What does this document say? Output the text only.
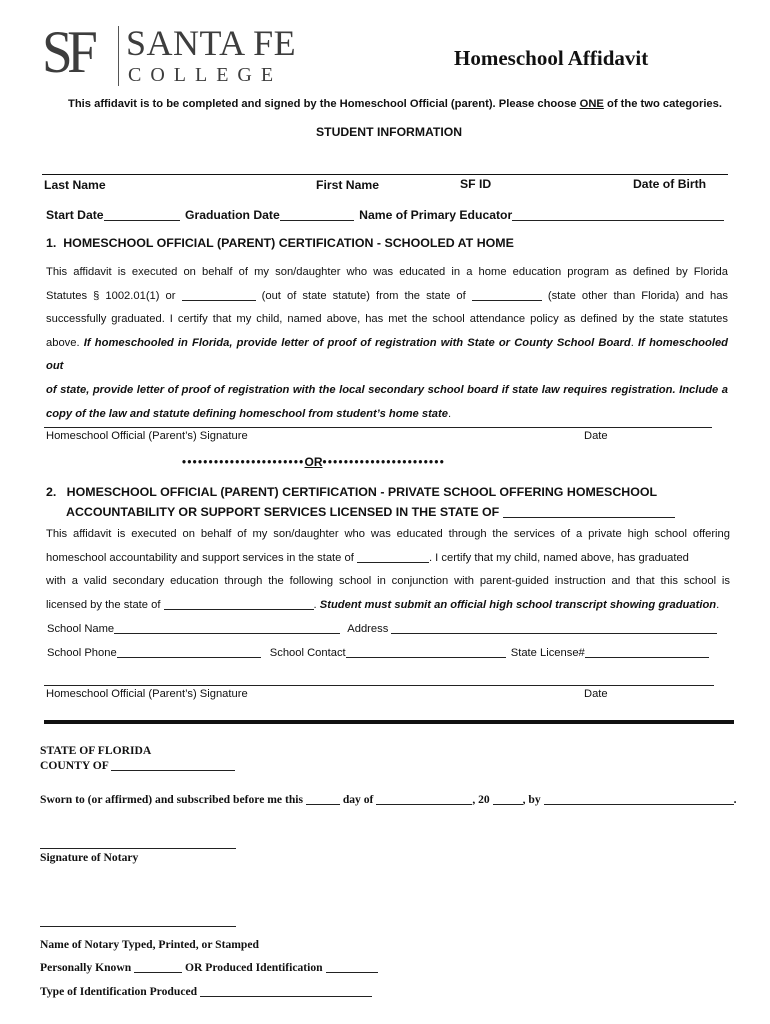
SF SANTA FE
COLLEGE
Homeschool Affidavit
This affidavit is to be completed and signed by the Homeschool Official (parent). Please choose ONE of the two categories.
STUDENT INFORMATION
Last Name	First Name	SF ID	Date of Birth
Start Date	Graduation Date	Name of Primary Educator
1. HOMESCHOOL OFFICIAL (PARENT) CERTIFICATION - SCHOOLED AT HOME
This affidavit is executed on behalf of my son/daughter who was educated in a home education program as defined by Florida
Statutes § 1002.01(1) or	(out of state statute) from the state of	(state other than Florida) and has
successfully graduated. I certify that my child, named above, has met the school attendance policy as defined by the state statutes
above. If homeschooled in Florida, provide letter of proof of registration with State or County School Board. If homeschooled out
of state, provide letter of proof of registration with the local secondary school board if state law requires registration. Include a
copy of the law and statute defining homeschool from student’s home state.
Homeschool Official (Parent’s) Signature	Date
•••••••••••••••••••••••OR•••••••••••••••••••••••
2. HOMESCHOOL OFFICIAL (PARENT) CERTIFICATION - PRIVATE SCHOOL OFFERING HOMESCHOOL
ACCOUNTABILITY OR SUPPORT SERVICES LICENSED IN THE STATE OF
This affidavit is executed on behalf of my son/daughter who was educated through the services of a private high school offering
homeschool accountability and support services in the state of	. I certify that my child, named above, has graduated
with a valid secondary education through the following school in conjunction with parent-guided instruction and that this school is
licensed by the state of	. Student must submit an official high school transcript showing graduation.
School Name	Address
School Phone	School Contact	State License#
Homeschool Official (Parent’s) Signature	Date
STATE OF FLORIDA
COUNTY OF
Sworn to (or affirmed) and subscribed before me this	day of	, 20	, by	.
Signature of Notary
Name of Notary Typed, Printed, or Stamped
Personally Known	OR Produced Identification
Type of Identification Produced
